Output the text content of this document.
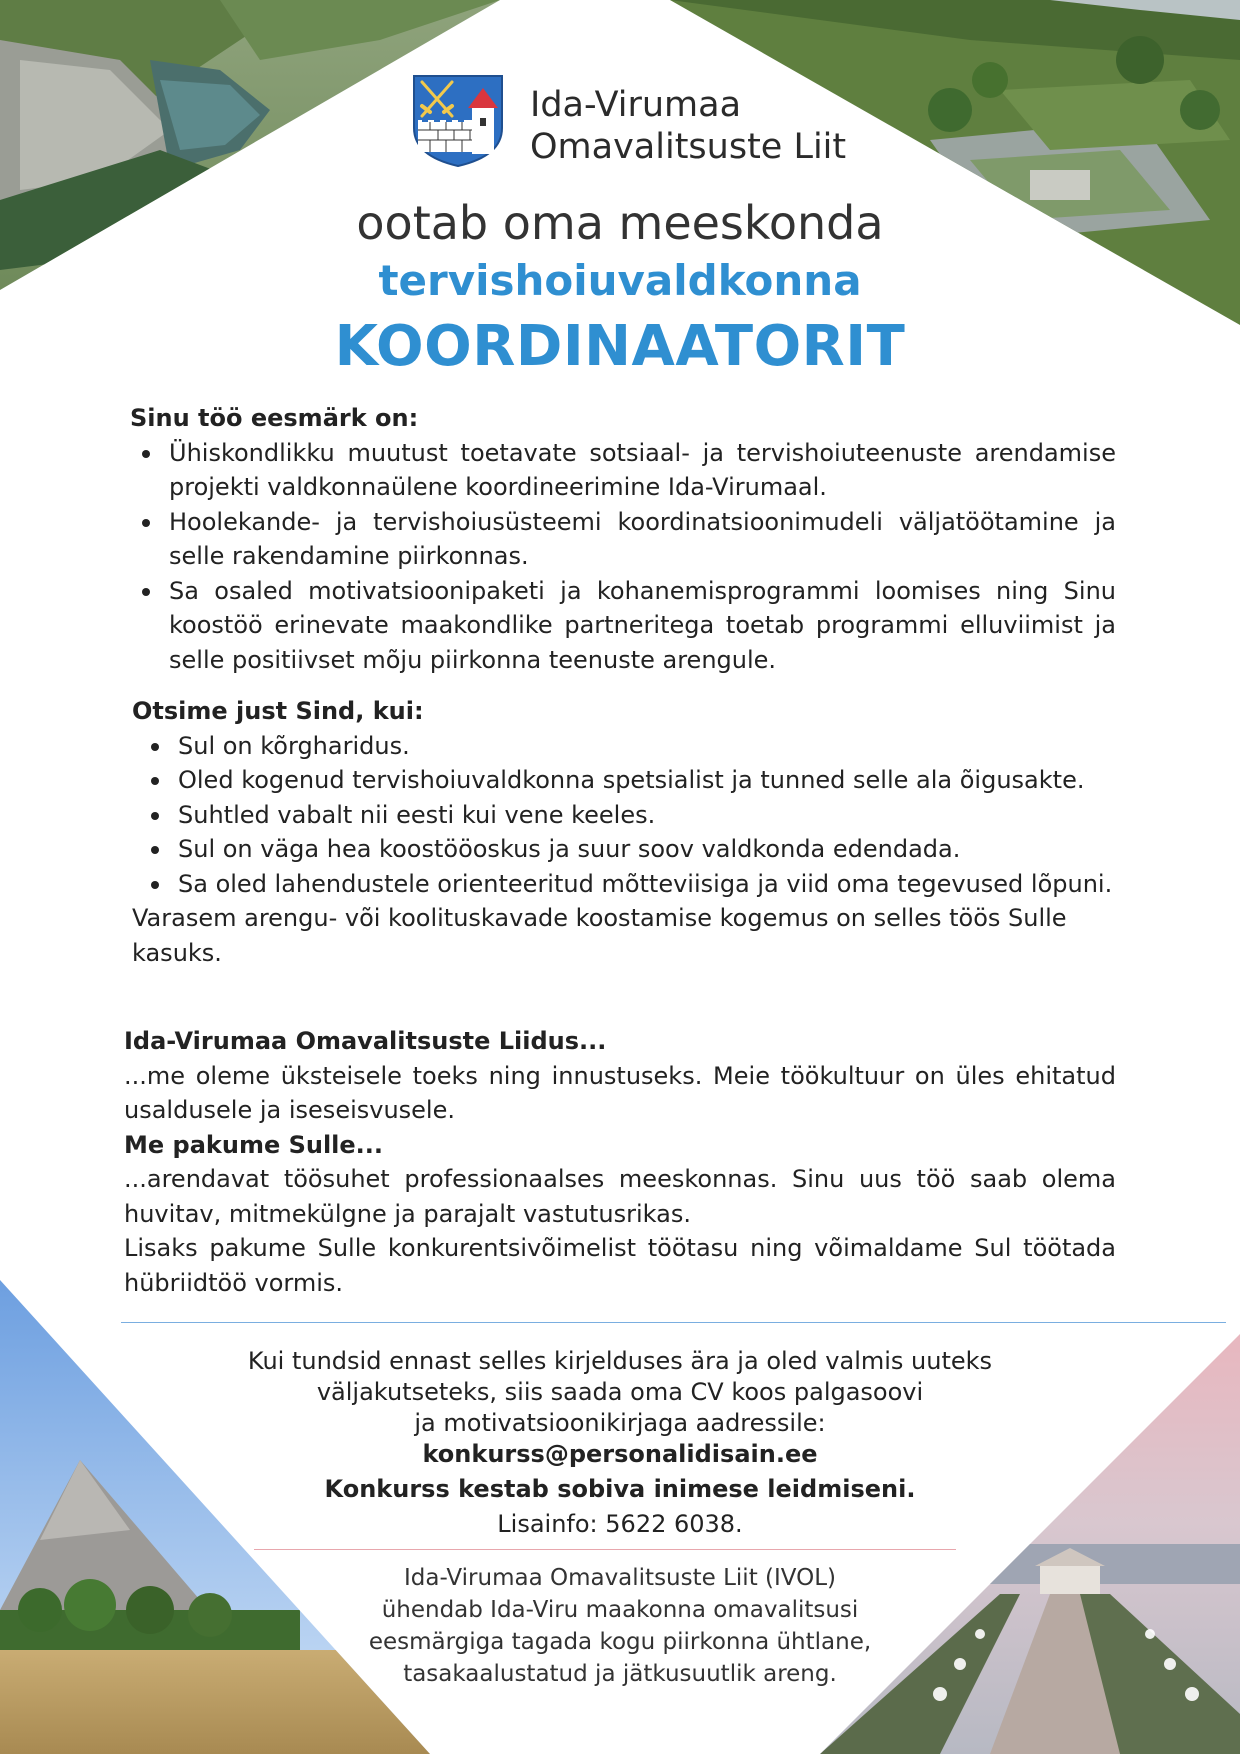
Ida-Virumaa
Omavalitsuste Liit
ootab oma meeskonda
tervishoiuvaldkonna
KOORDINAATORIT
Sinu töö eesmärk on:
Ühiskondlikku muutust toetavate sotsiaal- ja tervishoiuteenuste arendamise projekti valdkonnaülene koordineerimine Ida-Virumaal.
Hoolekande- ja tervishoiusüsteemi koordinatsioonimudeli väljatöötamine ja selle rakendamine piirkonnas.
Sa osaled motivatsioonipaketi ja kohanemisprogrammi loomises ning Sinu koostöö erinevate maakondlike partneritega toetab programmi elluviimist ja selle positiivset mõju piirkonna teenuste arengule.
Otsime just Sind, kui:
Sul on kõrgharidus.
Oled kogenud tervishoiuvaldkonna spetsialist ja tunned selle ala õigusakte.
Suhtled vabalt nii eesti kui vene keeles.
Sul on väga hea koostööoskus ja suur soov valdkonda edendada.
Sa oled lahendustele orienteeritud mõtteviisiga ja viid oma tegevused lõpuni.
Varasem arengu- või koolituskavade koostamise kogemus on selles töös Sulle kasuks.
Ida-Virumaa Omavalitsuste Liidus...
...me oleme üksteisele toeks ning innustuseks. Meie töökultuur on üles ehitatud usaldusele ja iseseisvusele.
Me pakume Sulle...
...arendavat töösuhet professionaalses meeskonnas. Sinu uus töö saab olema huvitav, mitmekülgne ja parajalt vastutusrikas.
Lisaks pakume Sulle konkurentsivõimelist töötasu ning võimaldame Sul töötada hübriidtöö vormis.
Kui tundsid ennast selles kirjelduses ära ja oled valmis uuteks
väljakutseteks, siis saada oma CV koos palgasoovi
ja motivatsioonikirjaga aadressile:
konkurss@personalidisain.ee
Konkurss kestab sobiva inimese leidmiseni.
Lisainfo: 5622 6038.
Ida-Virumaa Omavalitsuste Liit (IVOL)
ühendab Ida-Viru maakonna omavalitsusi
eesmärgiga tagada kogu piirkonna ühtlane,
tasakaalustatud ja jätkusuutlik areng.
